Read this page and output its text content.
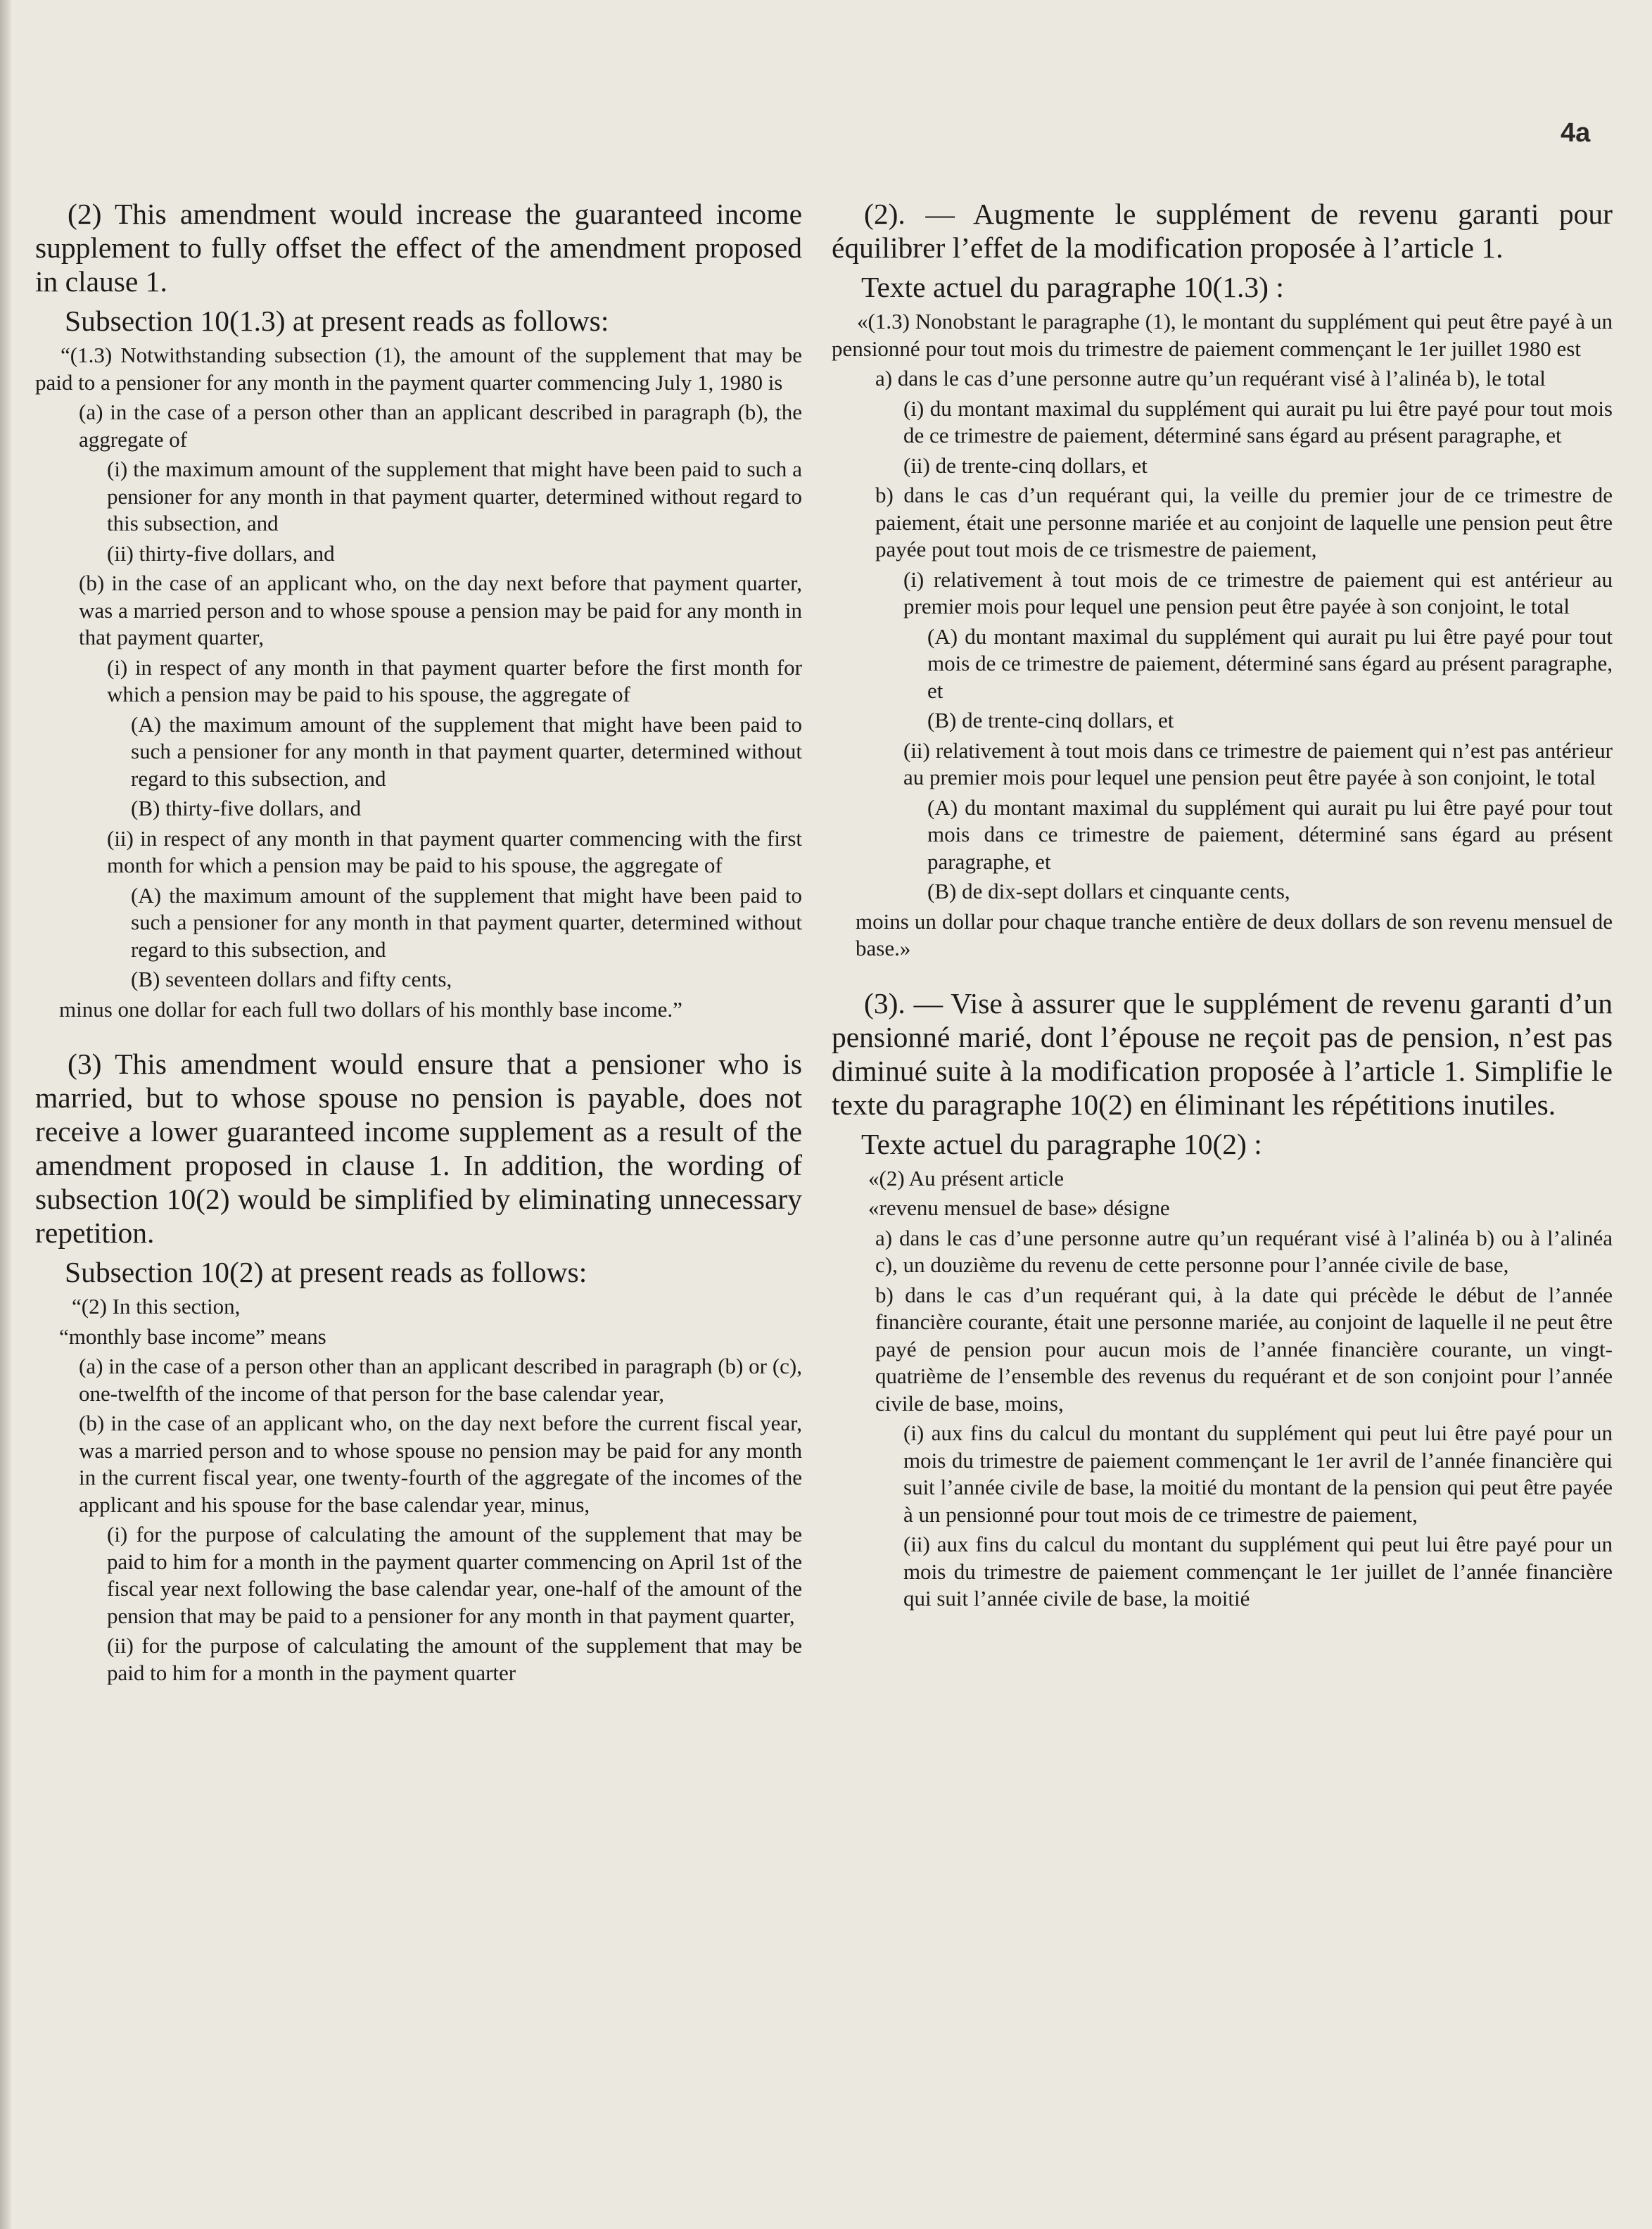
4a

(2) This amendment would increase the guaranteed income supplement to fully offset the effect of the amendment proposed in clause 1.

Subsection 10(1.3) at present reads as follows:

“(1.3) Notwithstanding subsection (1), the amount of the supplement that may be paid to a pensioner for any month in the payment quarter commencing July 1, 1980 is

(a) in the case of a person other than an applicant described in paragraph (b), the aggregate of

(i) the maximum amount of the supplement that might have been paid to such a pensioner for any month in that payment quarter, determined without regard to this subsection, and

(ii) thirty-five dollars, and

(b) in the case of an applicant who, on the day next before that payment quarter, was a married person and to whose spouse a pension may be paid for any month in that payment quarter,

(i) in respect of any month in that payment quarter before the first month for which a pension may be paid to his spouse, the aggregate of

(A) the maximum amount of the supplement that might have been paid to such a pensioner for any month in that payment quarter, determined without regard to this subsection, and

(B) thirty-five dollars, and

(ii) in respect of any month in that payment quarter commencing with the first month for which a pension may be paid to his spouse, the aggregate of

(A) the maximum amount of the supplement that might have been paid to such a pensioner for any month in that payment quarter, determined without regard to this subsection, and

(B) seventeen dollars and fifty cents,

minus one dollar for each full two dollars of his monthly base income.”

(3) This amendment would ensure that a pensioner who is married, but to whose spouse no pension is payable, does not receive a lower guaranteed income supplement as a result of the amendment proposed in clause 1. In addition, the wording of subsection 10(2) would be simplified by eliminating unnecessary repetition.

Subsection 10(2) at present reads as follows:

“(2) In this section,

“monthly base income” means

(a) in the case of a person other than an applicant described in paragraph (b) or (c), one-twelfth of the income of that person for the base calendar year,

(b) in the case of an applicant who, on the day next before the current fiscal year, was a married person and to whose spouse no pension may be paid for any month in the current fiscal year, one twenty-fourth of the aggregate of the incomes of the applicant and his spouse for the base calendar year, minus,

(i) for the purpose of calculating the amount of the supplement that may be paid to him for a month in the payment quarter commencing on April 1st of the fiscal year next following the base calendar year, one-half of the amount of the pension that may be paid to a pensioner for any month in that payment quarter,

(ii) for the purpose of calculating the amount of the supplement that may be paid to him for a month in the payment quarter

(2). — Augmente le supplément de revenu garanti pour équilibrer l’effet de la modification proposée à l’article 1.

Texte actuel du paragraphe 10(1.3) :

«(1.3) Nonobstant le paragraphe (1), le montant du supplément qui peut être payé à un pensionné pour tout mois du trimestre de paiement commençant le 1er juillet 1980 est

a) dans le cas d’une personne autre qu’un requérant visé à l’alinéa b), le total

(i) du montant maximal du supplément qui aurait pu lui être payé pour tout mois de ce trimestre de paiement, déterminé sans égard au présent paragraphe, et

(ii) de trente-cinq dollars, et

b) dans le cas d’un requérant qui, la veille du premier jour de ce trimestre de paiement, était une personne mariée et au conjoint de laquelle une pension peut être payée pout tout mois de ce trismestre de paiement,

(i) relativement à tout mois de ce trimestre de paiement qui est antérieur au premier mois pour lequel une pension peut être payée à son conjoint, le total

(A) du montant maximal du supplément qui aurait pu lui être payé pour tout mois de ce trimestre de paiement, déterminé sans égard au présent paragraphe, et

(B) de trente-cinq dollars, et

(ii) relativement à tout mois dans ce trimestre de paiement qui n’est pas antérieur au premier mois pour lequel une pension peut être payée à son conjoint, le total

(A) du montant maximal du supplément qui aurait pu lui être payé pour tout mois dans ce trimestre de paiement, déterminé sans égard au présent paragraphe, et

(B) de dix-sept dollars et cinquante cents,

moins un dollar pour chaque tranche entière de deux dollars de son revenu mensuel de base.»

(3). — Vise à assurer que le supplément de revenu garanti d’un pensionné marié, dont l’épouse ne reçoit pas de pension, n’est pas diminué suite à la modification proposée à l’article 1. Simplifie le texte du paragraphe 10(2) en éliminant les répétitions inutiles.

Texte actuel du paragraphe 10(2) :

«(2) Au présent article

«revenu mensuel de base» désigne

a) dans le cas d’une personne autre qu’un requérant visé à l’alinéa b) ou à l’alinéa c), un douzième du revenu de cette personne pour l’année civile de base,

b) dans le cas d’un requérant qui, à la date qui précède le début de l’année financière courante, était une personne mariée, au conjoint de laquelle il ne peut être payé de pension pour aucun mois de l’année financière courante, un vingt-quatrième de l’ensemble des revenus du requérant et de son conjoint pour l’année civile de base, moins,

(i) aux fins du calcul du montant du supplément qui peut lui être payé pour un mois du trimestre de paiement commençant le 1er avril de l’année financière qui suit l’année civile de base, la moitié du montant de la pension qui peut être payée à un pensionné pour tout mois de ce trimestre de paiement,

(ii) aux fins du calcul du montant du supplément qui peut lui être payé pour un mois du trimestre de paiement commençant le 1er juillet de l’année financière qui suit l’année civile de base, la moitié
